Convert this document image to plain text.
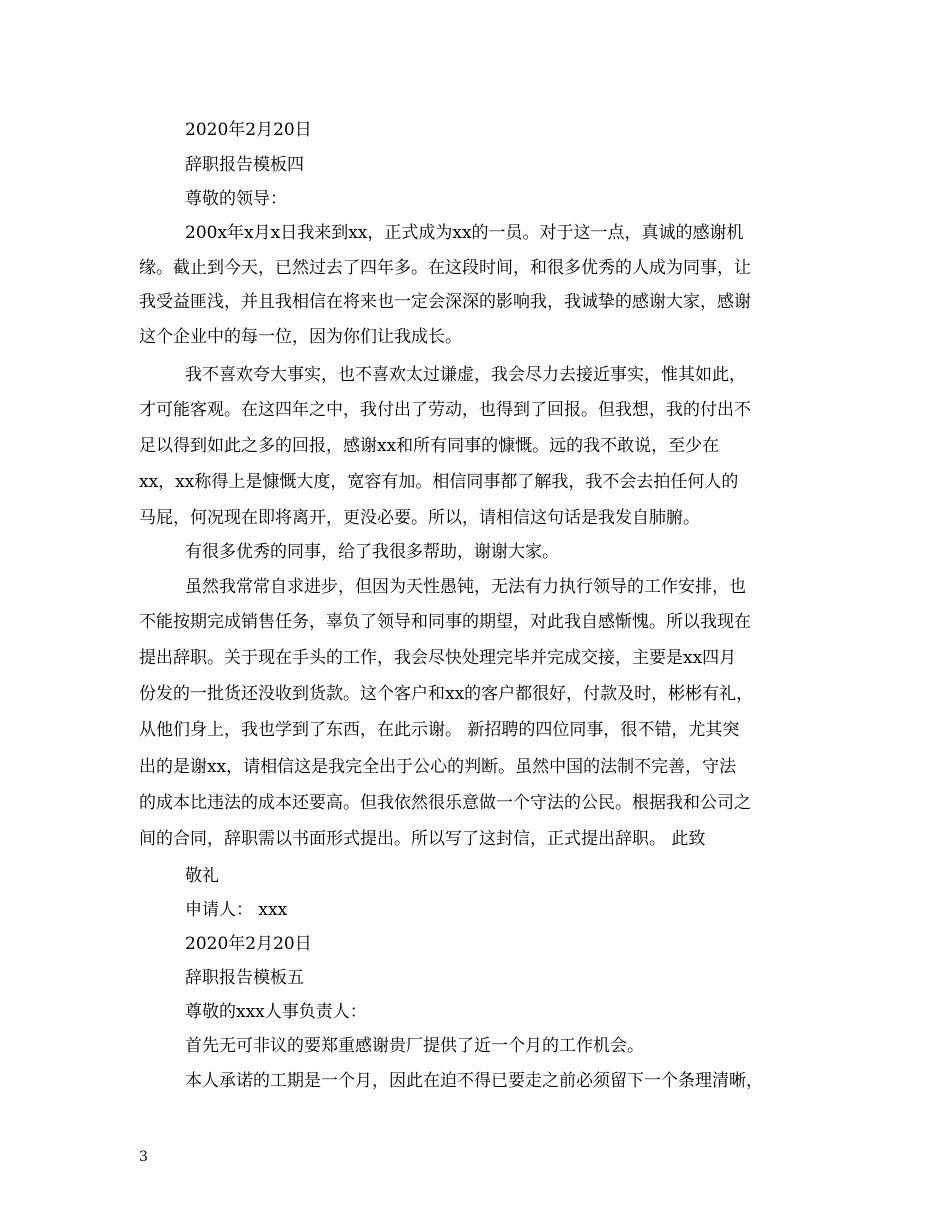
2020年2月20日
辞职报告模板四
尊敬的领导：
200x年x月x日我来到xx，正式成为xx的一员。对于这一点，真诚的感谢机
缘。截止到今天，已然过去了四年多。在这段时间，和很多优秀的人成为同事，让
我受益匪浅，并且我相信在将来也一定会深深的影响我，我诚挚的感谢大家，感谢
这个企业中的每一位，因为你们让我成长。
我不喜欢夸大事实，也不喜欢太过谦虚，我会尽力去接近事实，惟其如此，
才可能客观。在这四年之中，我付出了劳动，也得到了回报。但我想，我的付出不
足以得到如此之多的回报，感谢xx和所有同事的慷慨。远的我不敢说，至少在
xx，xx称得上是慷慨大度，宽容有加。相信同事都了解我，我不会去拍任何人的
马屁，何况现在即将离开，更没必要。所以，请相信这句话是我发自肺腑。
有很多优秀的同事，给了我很多帮助，谢谢大家。
虽然我常常自求进步，但因为天性愚钝，无法有力执行领导的工作安排，也
不能按期完成销售任务，辜负了领导和同事的期望，对此我自感惭愧。所以我现在
提出辞职。关于现在手头的工作，我会尽快处理完毕并完成交接，主要是xx四月
份发的一批货还没收到货款。这个客户和xx的客户都很好，付款及时，彬彬有礼，
从他们身上，我也学到了东西，在此示谢。 新招聘的四位同事，很不错，尤其突
出的是谢xx，请相信这是我完全出于公心的判断。虽然中国的法制不完善，守法
的成本比违法的成本还要高。但我依然很乐意做一个守法的公民。根据我和公司之
间的合同，辞职需以书面形式提出。所以写了这封信，正式提出辞职。 此致
敬礼
申请人： xxx
2020年2月20日
辞职报告模板五
尊敬的xxx人事负责人：
首先无可非议的要郑重感谢贵厂提供了近一个月的工作机会。
本人承诺的工期是一个月，因此在迫不得已要走之前必须留下一个条理清晰，
3
